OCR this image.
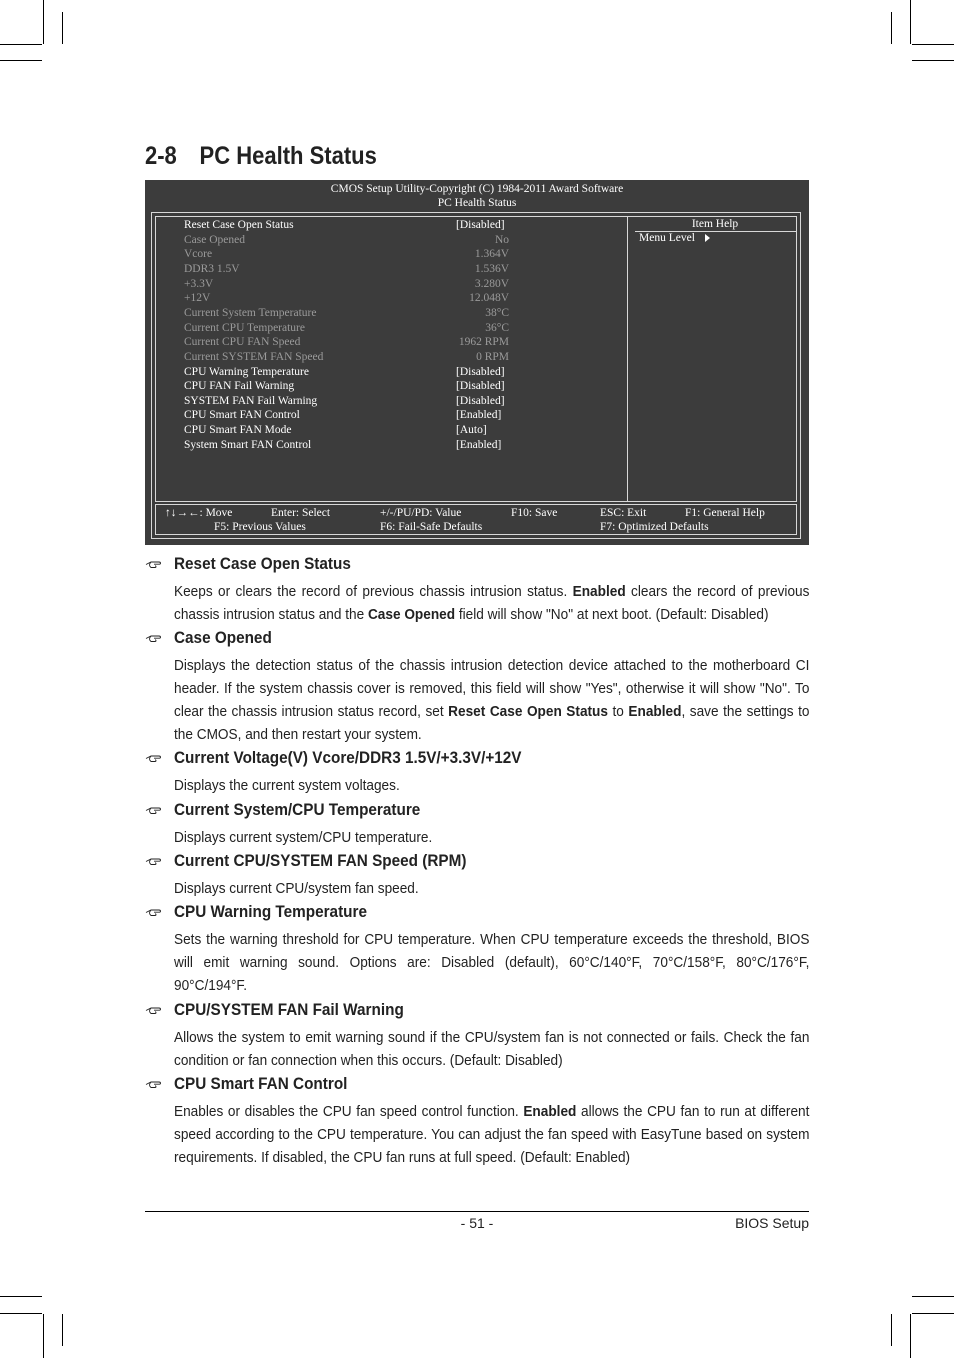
2-8 PC Health Status
CMOS Setup Utility-Copyright (C) 1984-2011 Award Software
PC Health Status
Reset Case Open Status	[Disabled]
Case Opened	No
Vcore	1.364V
DDR3 1.5V	1.536V
+3.3V	3.280V
+12V	12.048V
Current System Temperature	38°C
Current CPU Temperature	36°C
Current CPU FAN Speed	1962 RPM
Current SYSTEM FAN Speed	0 RPM
CPU Warning Temperature	[Disabled]
CPU FAN Fail Warning	[Disabled]
SYSTEM FAN Fail Warning	[Disabled]
CPU Smart FAN Control	[Enabled]
CPU Smart FAN Mode	[Auto]
System Smart FAN Control	[Enabled]
Item Help
Menu Level
↑↓→←: Move	Enter: Select	+/-/PU/PD: Value	F10: Save	ESC: Exit	F1: General Help
F5: Previous Values	F6: Fail-Safe Defaults	F7: Optimized Defaults
Reset Case Open Status
Keeps or clears the record of previous chassis intrusion status. Enabled clears the record of previous chassis intrusion status and the Case Opened field will show "No" at next boot. (Default: Disabled)
Case Opened
Displays the detection status of the chassis intrusion detection device attached to the motherboard CI header. If the system chassis cover is removed, this field will show "Yes", otherwise it will show "No". To clear the chassis intrusion status record, set Reset Case Open Status to Enabled, save the settings to the CMOS, and then restart your system.
Current Voltage(V) Vcore/DDR3 1.5V/+3.3V/+12V
Displays the current system voltages.
Current System/CPU Temperature
Displays current system/CPU temperature.
Current CPU/SYSTEM FAN Speed (RPM)
Displays current CPU/system fan speed.
CPU Warning Temperature
Sets the warning threshold for CPU temperature. When CPU temperature exceeds the threshold, BIOS will emit warning sound. Options are: Disabled (default), 60°C/140°F, 70°C/158°F, 80°C/176°F, 90°C/194°F.
CPU/SYSTEM FAN Fail Warning
Allows the system to emit warning sound if the CPU/system fan is not connected or fails. Check the fan condition or fan connection when this occurs. (Default: Disabled)
CPU Smart FAN Control
Enables or disables the CPU fan speed control function. Enabled allows the CPU fan to run at different speed according to the CPU temperature. You can adjust the fan speed with EasyTune based on system requirements. If disabled, the CPU fan runs at full speed. (Default: Enabled)
- 51 -	BIOS Setup
